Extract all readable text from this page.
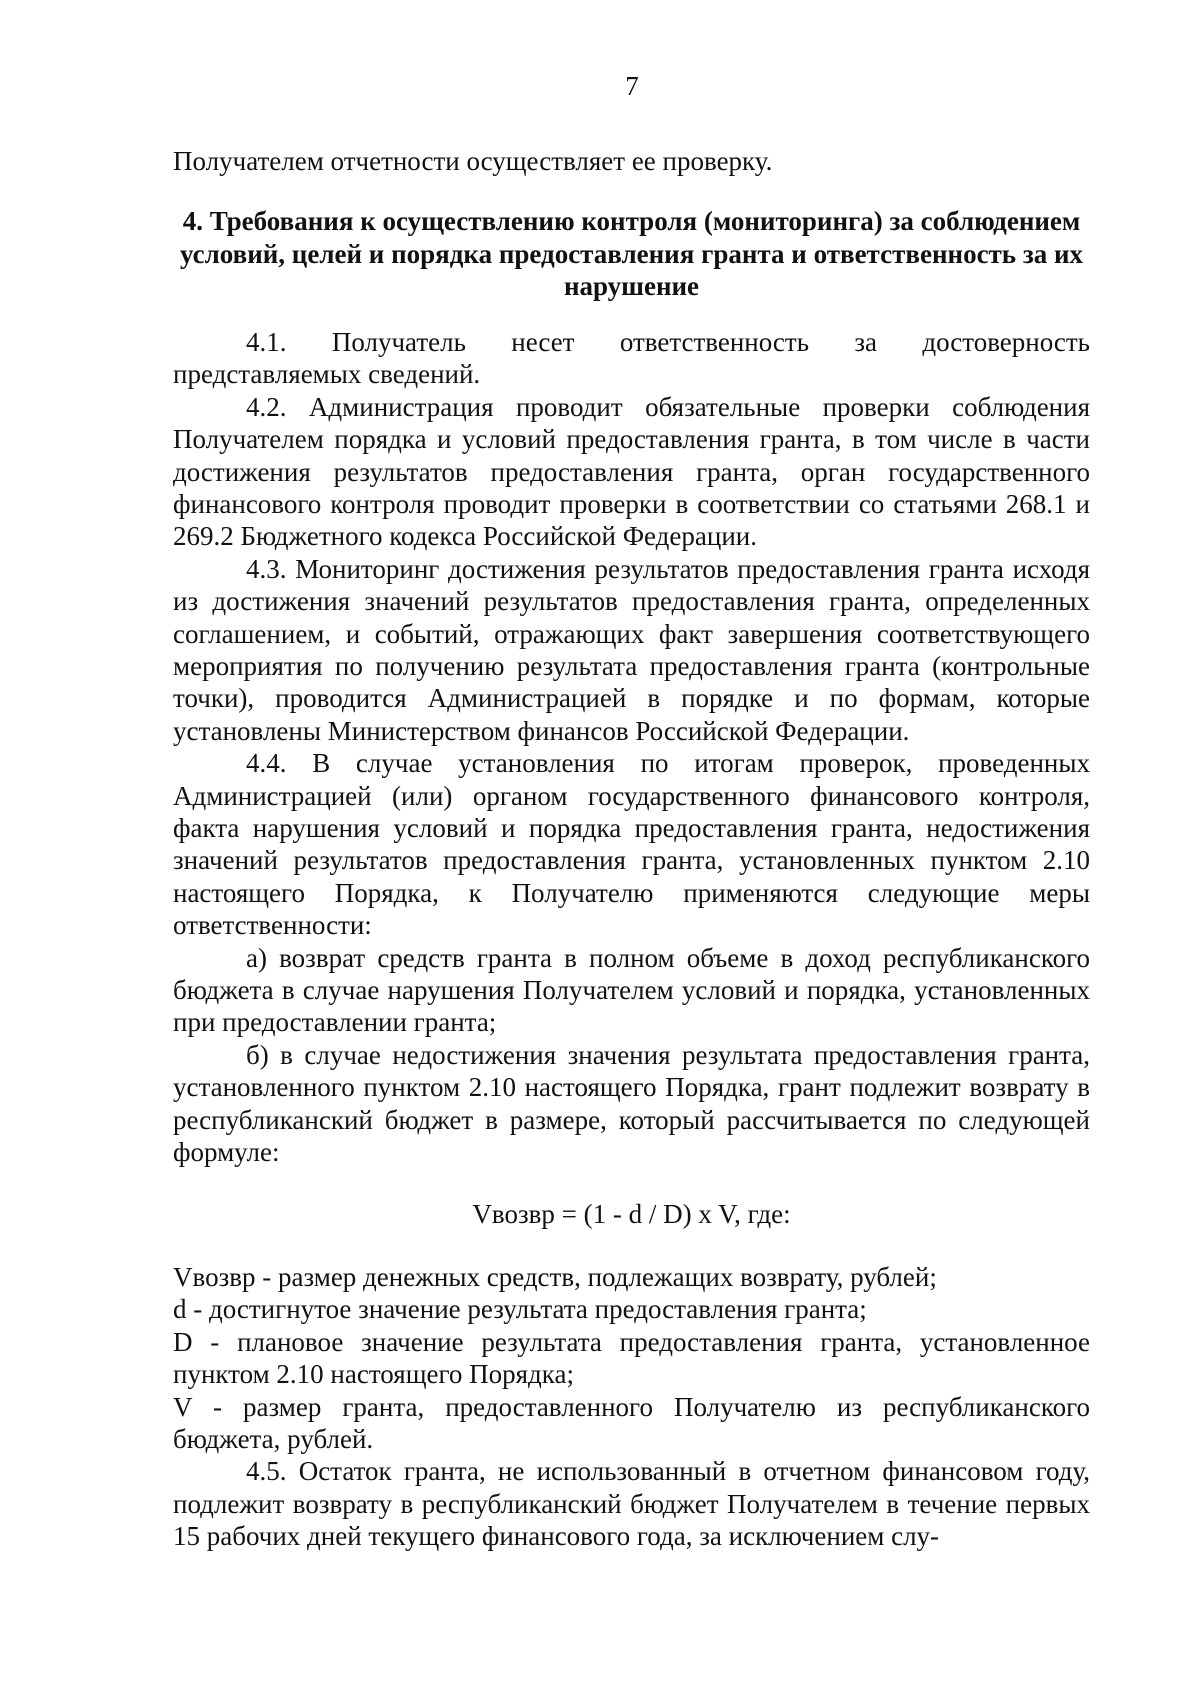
7

Получателем отчетности осуществляет ее проверку.

4. Требования к осуществлению контроля (мониторинга) за соблюдением условий, целей и порядка предоставления гранта и ответственность за их нарушение

4.1. Получатель несет ответственность за достоверность представляемых сведений.

4.2. Администрация проводит обязательные проверки соблюдения Получателем порядка и условий предоставления гранта, в том числе в части достижения результатов предоставления гранта, орган государственного финансового контроля проводит проверки в соответствии со статьями 268.1 и 269.2 Бюджетного кодекса Российской Федерации.

4.3. Мониторинг достижения результатов предоставления гранта исходя из достижения значений результатов предоставления гранта, определенных соглашением, и событий, отражающих факт завершения соответствующего мероприятия по получению результата предоставления гранта (контрольные точки), проводится Администрацией в порядке и по формам, которые установлены Министерством финансов Российской Федерации.

4.4. В случае установления по итогам проверок, проведенных Администрацией (или) органом государственного финансового контроля, факта нарушения условий и порядка предоставления гранта, недостижения значений результатов предоставления гранта, установленных пунктом 2.10 настоящего Порядка, к Получателю применяются следующие меры ответственности:

а) возврат средств гранта в полном объеме в доход республиканского бюджета в случае нарушения Получателем условий и порядка, установленных при предоставлении гранта;

б) в случае недостижения значения результата предоставления гранта, установленного пунктом 2.10 настоящего Порядка, грант подлежит возврату в республиканский бюджет в размере, который рассчитывается по следующей формуле:

Vвозвр = (1 - d / D) x V, где:

Vвозвр - размер денежных средств, подлежащих возврату, рублей;

d - достигнутое значение результата предоставления гранта;

D - плановое значение результата предоставления гранта, установленное пунктом 2.10 настоящего Порядка;

V - размер гранта, предоставленного Получателю из республиканского бюджета, рублей.

4.5. Остаток гранта, не использованный в отчетном финансовом году, подлежит возврату в республиканский бюджет Получателем в течение первых 15 рабочих дней текущего финансового года, за исключением слу-
